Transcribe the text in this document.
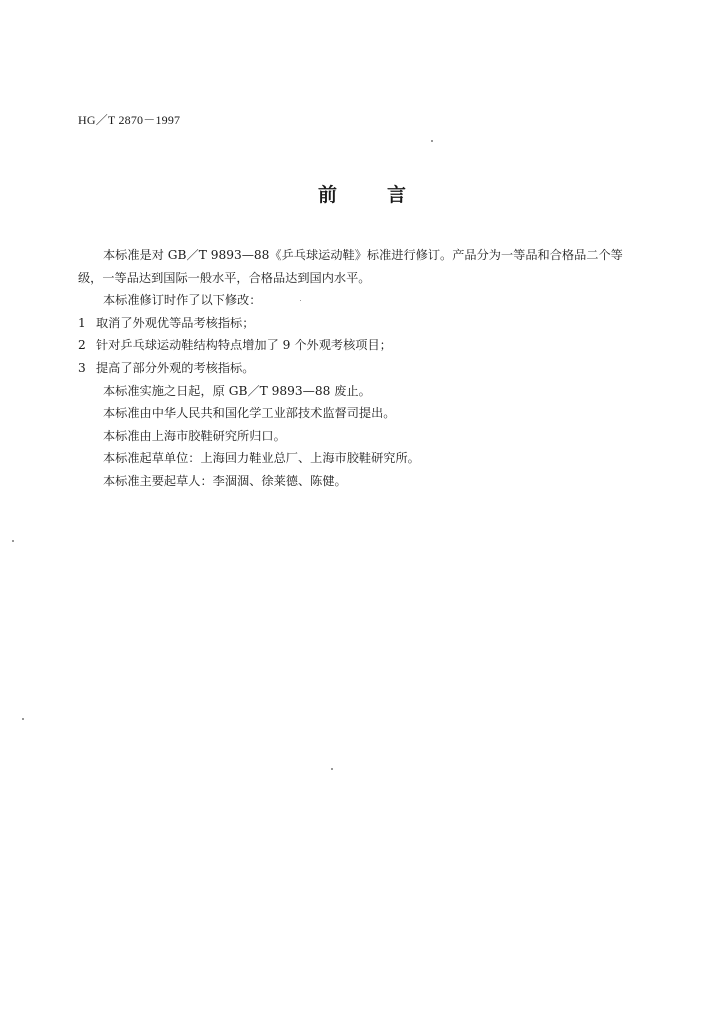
HG／T 2870－1997
前	言
本标准是对 GB／T 9893—88《乒乓球运动鞋》标准进行修订。产品分为一等品和合格品二个等
级，一等品达到国际一般水平，合格品达到国内水平。
本标准修订时作了以下修改：
1 取消了外观优等品考核指标；
2 针对乒乓球运动鞋结构特点增加了 9 个外观考核项目；
3 提高了部分外观的考核指标。
本标准实施之日起，原 GB／T 9893—88 废止。
本标准由中华人民共和国化学工业部技术监督司提出。
本标准由上海市胶鞋研究所归口。
本标准起草单位：上海回力鞋业总厂、上海市胶鞋研究所。
本标准主要起草人：李涸涸、徐莱德、陈健。
